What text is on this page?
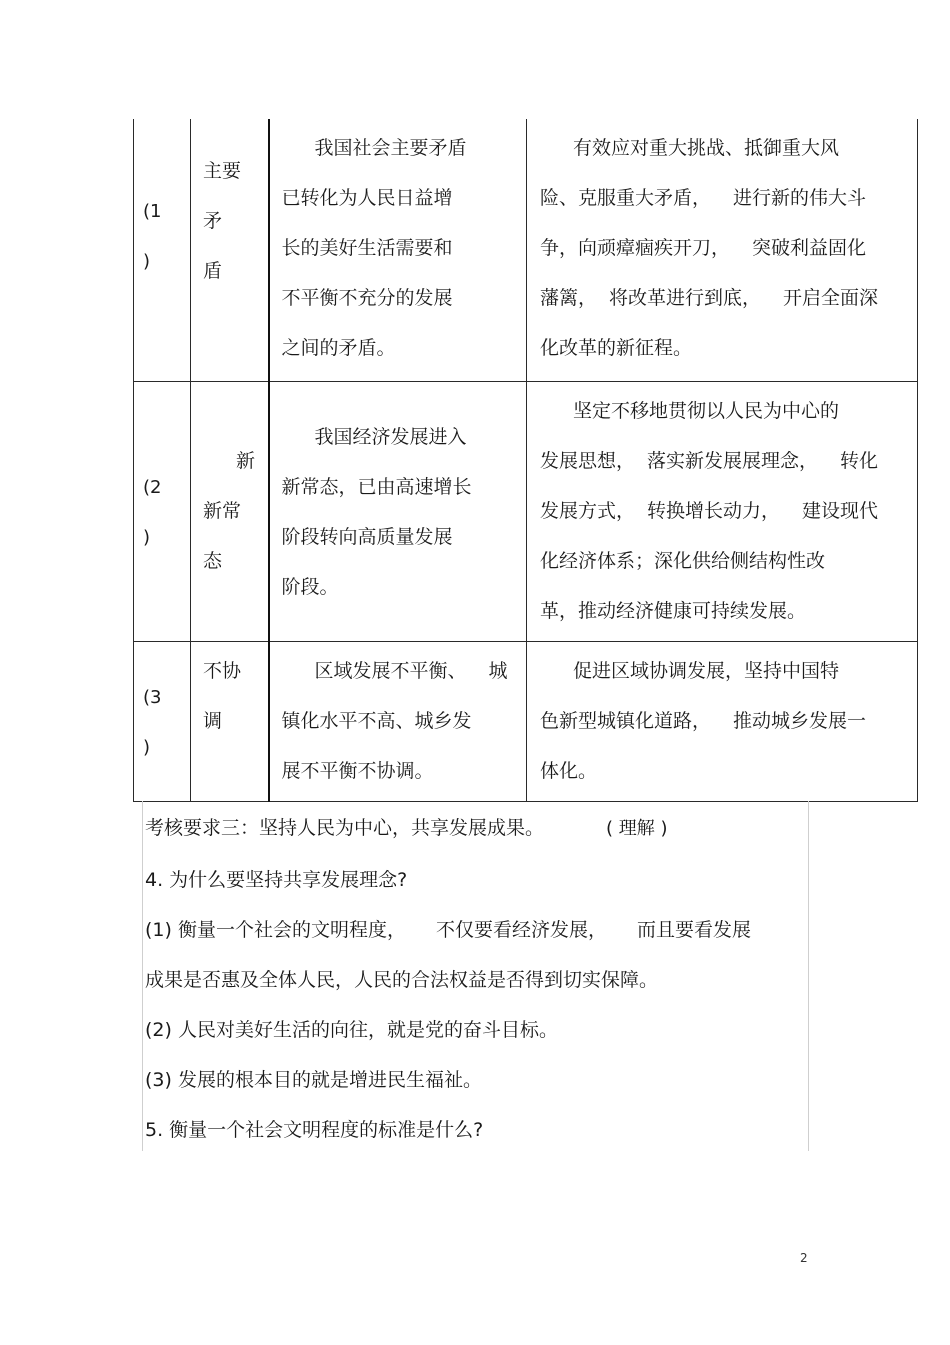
(1
)	主要
矛
盾	我国社会主要矛盾
已转化为人民日益增
长的美好生活需要和
不平衡不充分的发展
之间的矛盾。	有效应对重大挑战、抵御重大风
险、克服重大矛盾， 进行新的伟大斗
争，向顽瘴痼疾开刀， 突破利益固化
藩篱， 将改革进行到底， 开启全面深
化改革的新征程。

(2
)	新
新常
态	我国经济发展进入
新常态，已由高速增长
阶段转向高质量发展
阶段。	坚定不移地贯彻以人民为中心的
发展思想， 落实新发展展理念， 转化
发展方式， 转换增长动力， 建设现代
化经济体系；深化供给侧结构性改
革，推动经济健康可持续发展。

(3
)	不协
调	区域发展不平衡、 城
镇化水平不高、城乡发
展不平衡不协调。	促进区域协调发展，坚持中国特
色新型城镇化道路， 推动城乡发展一
体化。
考核要求三：坚持人民为中心，共享发展成果。	( 理解 )
4. 为什么要坚持共享发展理念?
(1) 衡量一个社会的文明程度， 不仅要看经济发展， 而且要看发展
成果是否惠及全体人民，人民的合法权益是否得到切实保障。
(2) 人民对美好生活的向往，就是党的奋斗目标。
(3) 发展的根本目的就是增进民生福祉。
5. 衡量一个社会文明程度的标准是什么?
2
